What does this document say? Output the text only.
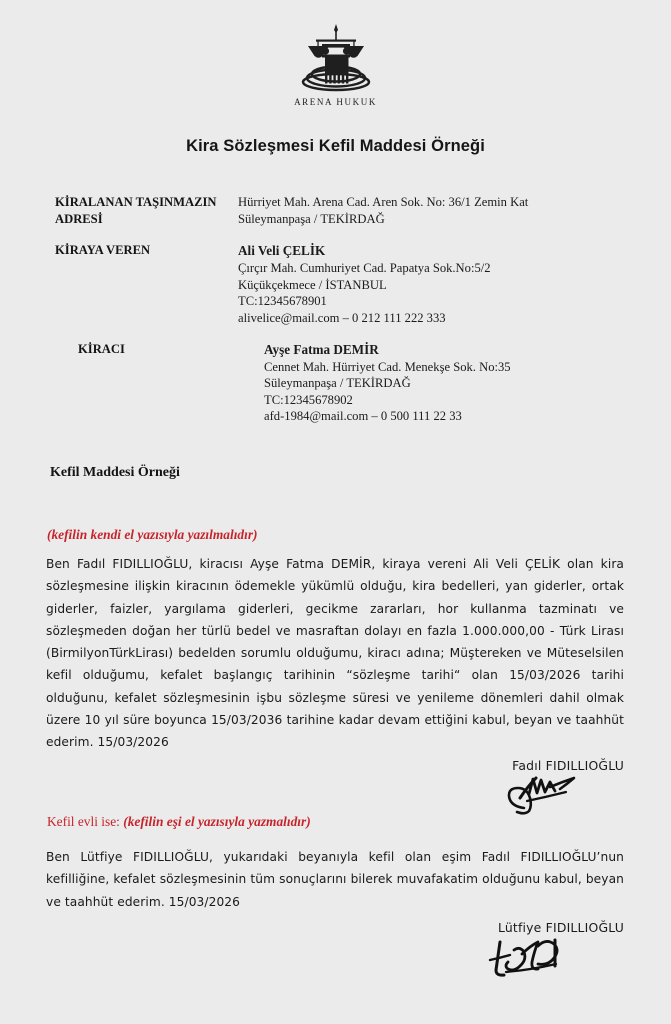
ARENA HUKUK
Kira Sözleşmesi Kefil Maddesi Örneği
KİRALANAN TAŞINMAZIN ADRESİ
Hürriyet Mah. Arena Cad. Aren Sok. No: 36/1 Zemin Kat
Süleymanpaşa / TEKİRDAĞ
KİRAYA VEREN	Ali Veli ÇELİK
Çırçır Mah. Cumhuriyet Cad. Papatya Sok.No:5/2
Küçükçekmece / İSTANBUL
TC:12345678901
alivelice@mail.com – 0 212 111 222 333
KİRACI	Ayşe Fatma DEMİR
Cennet Mah. Hürriyet Cad. Menekşe Sok. No:35
Süleymanpaşa / TEKİRDAĞ
TC:12345678902
afd-1984@mail.com – 0 500 111 22 33
Kefil Maddesi Örneği
(kefilin kendi el yazısıyla yazılmalıdır)
Ben Fadıl FIDILLIOĞLU, kiracısı Ayşe Fatma DEMİR, kiraya vereni Ali Veli ÇELİK olan kira sözleşmesine ilişkin kiracının ödemekle yükümlü olduğu, kira bedelleri, yan giderler, ortak giderler, faizler, yargılama giderleri, gecikme zararları, hor kullanma tazminatı ve sözleşmeden doğan her türlü bedel ve masraftan dolayı en fazla 1.000.000,00 - Türk Lirası (BirmilyonTürkLirası) bedelden sorumlu olduğumu, kiracı adına; Müştereken ve Müteselsilen kefil olduğumu, kefalet başlangıç tarihinin “sözleşme tarihi“ olan 15/03/2026 tarihi olduğunu, kefalet sözleşmesinin işbu sözleşme süresi ve yenileme dönemleri dahil olmak üzere 10 yıl süre boyunca 15/03/2036 tarihine kadar devam ettiğini kabul, beyan ve taahhüt ederim. 15/03/2026
Fadıl FIDILLIOĞLU
Kefil evli ise: (kefilin eşi el yazısıyla yazmalıdır)
Ben Lütfiye FIDILLIOĞLU, yukarıdaki beyanıyla kefil olan eşim Fadıl FIDILLIOĞLU’nun kefilliğine, kefalet sözleşmesinin tüm sonuçlarını bilerek muvafakatim olduğunu kabul, beyan ve taahhüt ederim. 15/03/2026
Lütfiye FIDILLIOĞLU
